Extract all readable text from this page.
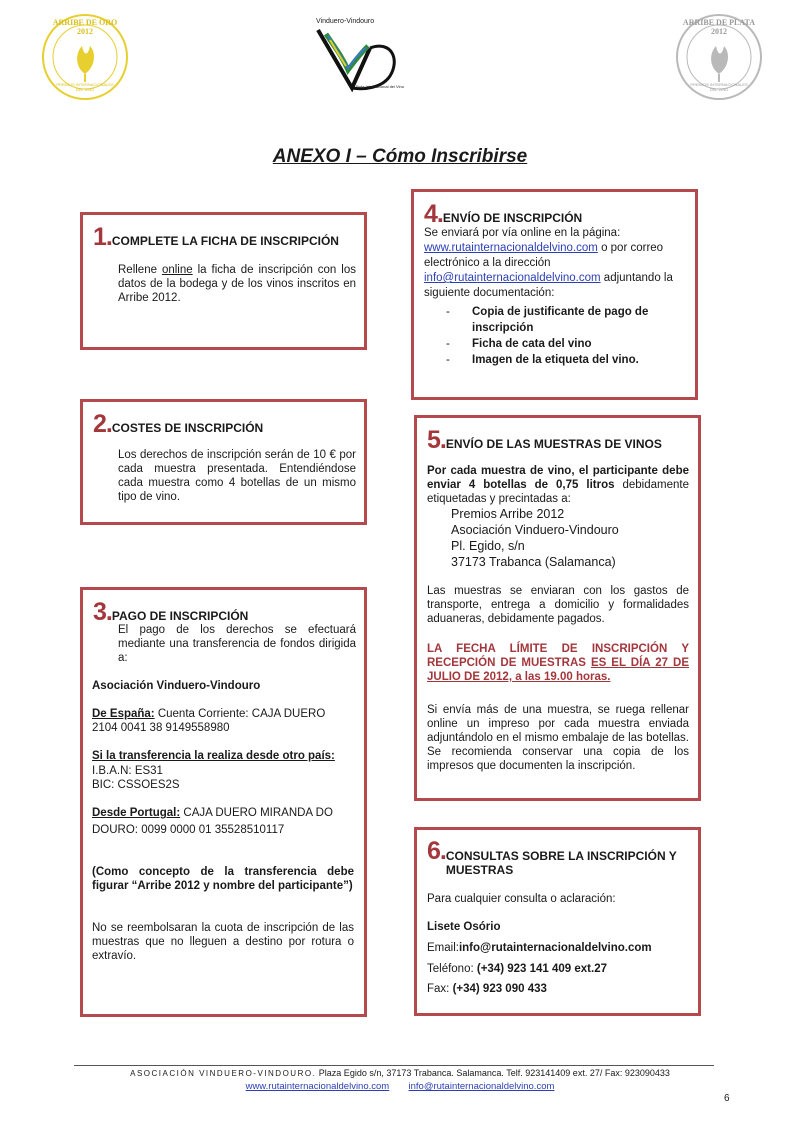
ARRIBE DE ORO 2012
PREMIOS INTERNACIONALES DEL VINO
Vinduero-Vindouro
Ruta Internacional del Vino
ARRIBE DE PLATA 2012
PREMIOS INTERNACIONALES DEL VINO
ANEXO I – Cómo Inscribirse
1.COMPLETE LA FICHA DE INSCRIPCIÓN
Rellene online la ficha de inscripción con los datos de la bodega y de los vinos inscritos en Arribe 2012.
2.COSTES DE INSCRIPCIÓN
Los derechos de inscripción serán de 10 € por cada muestra presentada. Entendiéndose cada muestra como 4 botellas de un mismo tipo de vino.
3.PAGO DE INSCRIPCIÓN
El pago de los derechos se efectuará mediante una transferencia de fondos dirigida a:
Asociación Vinduero-Vindouro
De España: Cuenta Corriente: CAJA DUERO 2104 0041 38 9149558980
Si la transferencia la realiza desde otro país:
I.B.A.N: ES31
BIC: CSSOES2S
Desde Portugal: CAJA DUERO MIRANDA DO DOURO: 0099 0000 01 35528510117
(Como concepto de la transferencia debe figurar “Arribe 2012 y nombre del participante”)
No se reembolsaran la cuota de inscripción de las muestras que no lleguen a destino por rotura o extravío.
4.ENVÍO DE INSCRIPCIÓN
Se enviará por vía online en la página:
www.rutainternacionaldelvino.com o por correo electrónico a la dirección
info@rutainternacionaldelvino.com adjuntando la siguiente documentación:
- Copia de justificante de pago de inscripción
- Ficha de cata del vino
- Imagen de la etiqueta del vino.
5.ENVÍO DE LAS MUESTRAS DE VINOS
Por cada muestra de vino, el participante debe enviar 4 botellas de 0,75 litros debidamente etiquetadas y precintadas a:
Premios Arribe 2012
Asociación Vinduero-Vindouro
Pl. Egido, s/n
37173 Trabanca (Salamanca)
Las muestras se enviaran con los gastos de transporte, entrega a domicilio y formalidades aduaneras, debidamente pagados.
LA FECHA LÍMITE DE INSCRIPCIÓN Y RECEPCIÓN DE MUESTRAS ES EL DÍA 27 DE JULIO DE 2012, a las 19.00 horas.
Si envía más de una muestra, se ruega rellenar online un impreso por cada muestra enviada adjuntándolo en el mismo embalaje de las botellas. Se recomienda conservar una copia de los impresos que documenten la inscripción.
6. CONSULTAS SOBRE LA INSCRIPCIÓN Y MUESTRAS
Para cualquier consulta o aclaración:
Lisete Osório
Email:info@rutainternacionaldelvino.com
Teléfono: (+34) 923 141 409 ext.27
Fax: (+34) 923 090 433
ASOCIACIÓN VINDUERO-VINDOURO. Plaza Egido s/n, 37173 Trabanca. Salamanca. Telf. 923141409 ext. 27/ Fax: 923090433
www.rutainternacionaldelvino.com info@rutainternacionaldelvino.com
6
